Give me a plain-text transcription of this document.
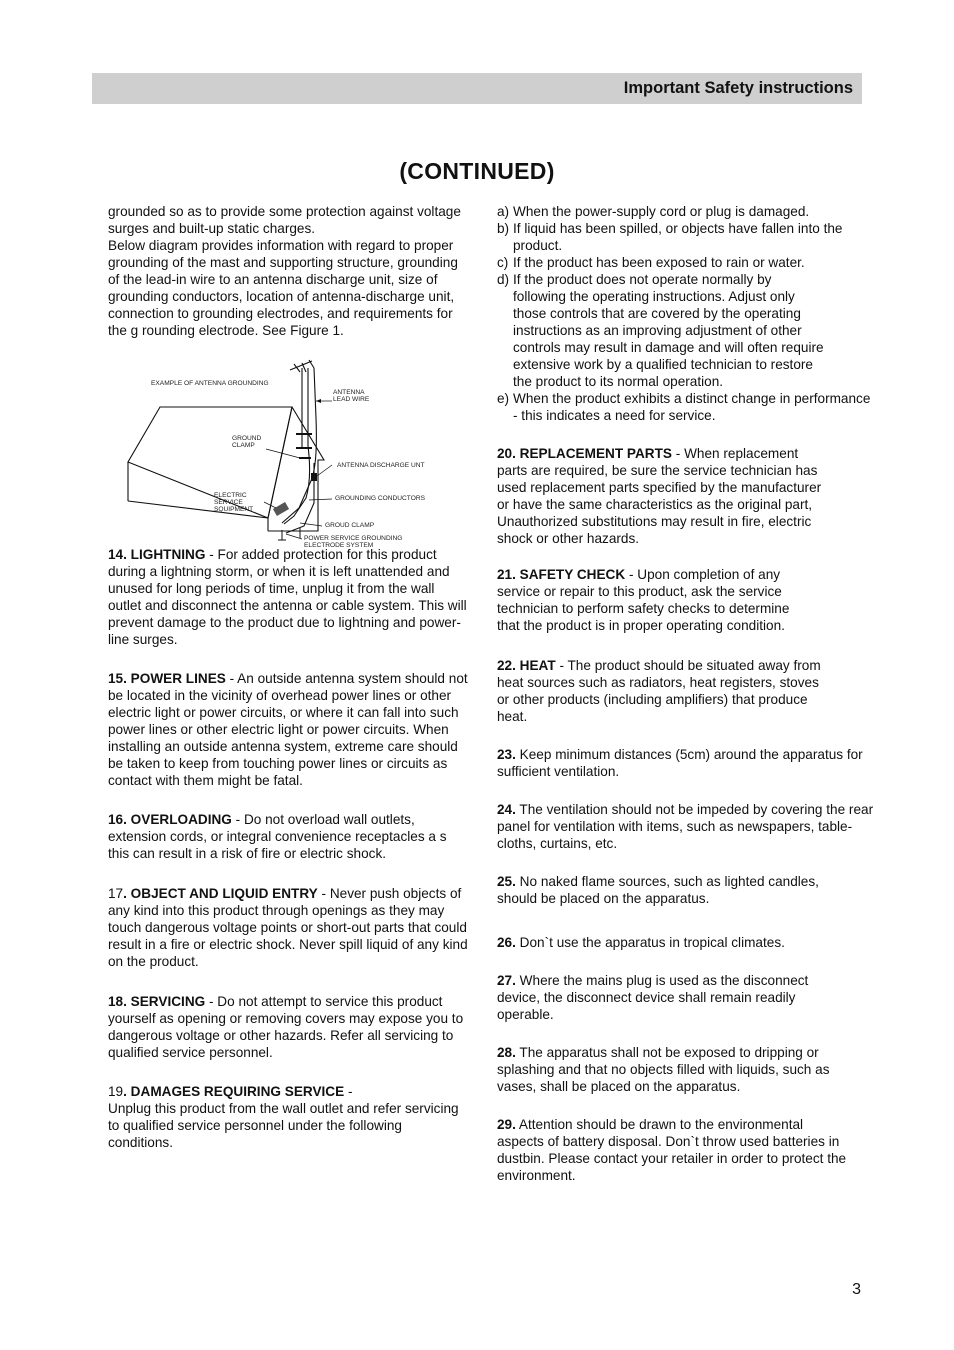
Important Safety instructions
(CONTINUED)

grounded so as to provide some protection against voltage surges and built-up static charges.

Below diagram provides information with regard to proper grounding of the mast and supporting structure, grounding of the lead-in wire to an antenna discharge unit, size of grounding conductors, location of antenna-discharge unit, connection to grounding electrodes, and requirements for the g rounding electrode. See Figure 1.

EXAMPLE OF ANTENNA GROUNDING
ANTENNA
LEAD WIRE
GROUND
CLAMP
ANTENNA DISCHARGE UNT
ELECTRIC
SERVICE
SQUIPMENT
GROUNDING CONDUCTORS
GROUD CLAMP
POWER SERVICE GROUNDING
ELECTRODE SYSTEM

14. LIGHTNING - For added protection for this product during a lightning storm, or when it is left unattended and unused for long periods of time, unplug it from the wall outlet and disconnect the antenna or cable system. This will prevent damage to the product due to lightning and power-line surges.

15. POWER LINES - An outside antenna system should not be located in the vicinity of overhead power lines or other electric light or power circuits, or where it can fall into such power lines or other electric light or power circuits. When installing an outside antenna system, extreme care should be taken to keep from touching power lines or circuits as contact with them might be fatal.

16. OVERLOADING - Do not overload wall outlets, extension cords, or integral convenience receptacles a s this can result in a risk of fire or electric shock.

17. OBJECT AND LIQUID ENTRY - Never push objects of any kind into this product through openings as they may touch dangerous voltage points or short-out parts that could result in a fire or electric shock. Never spill liquid of any kind on the product.

18. SERVICING - Do not attempt to service this product yourself as opening or removing covers may expose you to dangerous voltage or other hazards. Refer all servicing to qualified service personnel.

19. DAMAGES REQUIRING SERVICE -
Unplug this product from the wall outlet and refer servicing to qualified service personnel under the following conditions.

a) When the power-supply cord or plug is damaged.
b) If liquid has been spilled, or objects have fallen into the product.
c) If the product has been exposed to rain or water.
d) If the product does not operate normally by following the operating instructions. Adjust only those controls that are covered by the operating instructions as an improving adjustment of other controls may result in damage and will often require extensive work by a qualified technician to restore the product to its normal operation.
e) When the product exhibits a distinct change in performance - this indicates a need for service.

20. REPLACEMENT PARTS - When replacement parts are required, be sure the service technician has used replacement parts specified by the manufacturer or have the same characteristics as the original part, Unauthorized substitutions may result in fire, electric shock or other hazards.

21. SAFETY CHECK - Upon completion of any service or repair to this product, ask the service technician to perform safety checks to determine that the product is in proper operating condition.

22. HEAT - The product should be situated away from heat sources such as radiators, heat registers, stoves or other products (including amplifiers) that produce heat.

23. Keep minimum distances (5cm) around the apparatus for sufficient ventilation.

24. The ventilation should not be impeded by covering the rear panel for ventilation with items, such as newspapers, table-cloths, curtains, etc.

25. No naked flame sources, such as lighted candles, should be placed on the apparatus.

26. Don`t use the apparatus in tropical climates.

27. Where the mains plug is used as the disconnect device, the disconnect device shall remain readily operable.

28. The apparatus shall not be exposed to dripping or splashing and that no objects filled with liquids, such as vases, shall be placed on the apparatus.

29. Attention should be drawn to the environmental aspects of battery disposal. Don`t throw used batteries in dustbin. Please contact your retailer in order to protect the environment.

3
